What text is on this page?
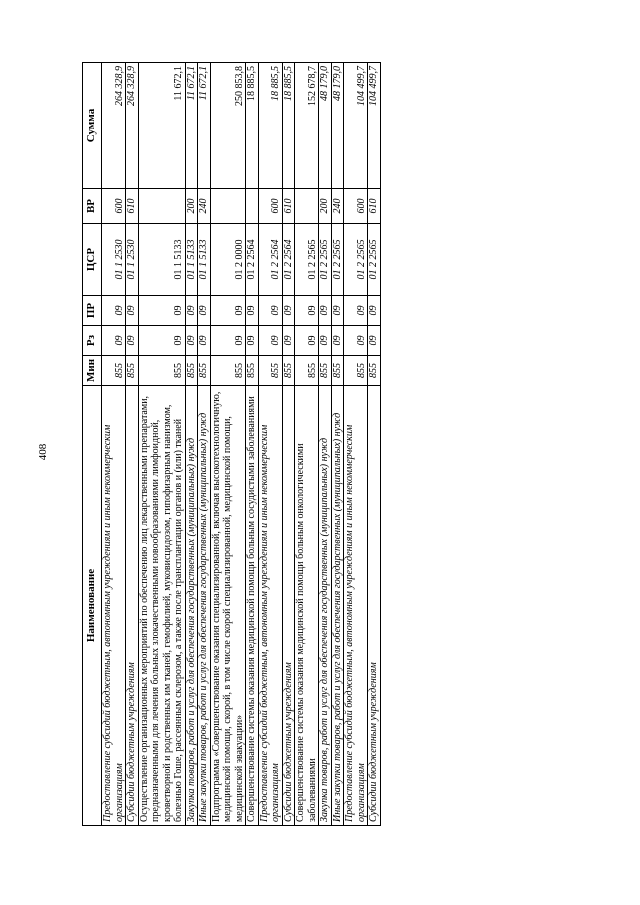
408
Наименование	Мин	Рз	ПР	ЦСР	ВР	Сумма
Предоставление субсидий бюджетным, автономным учреждениям и иным некоммерческим организациям	855	09	09	01 1 2530	600	264 328,9
Субсидии бюджетным учреждениям	855	09	09	01 1 2530	610	264 328,9
Осуществление организационных мероприятий по обеспечению лиц лекарственными препаратами, предназначенными для лечения больных злокачественными новообразованиями лимфоидной, кроветворной и родственных им тканей, гемофилией, муковисцидозом, гипофизарным нанизмом, болезнью Гоше, рассеянным склерозом, а также после трансплантации органов и (или) тканей	855	09	09	01 1 5133		11 672,1
Закупка товаров, работ и услуг для обеспечения государственных (муниципальных) нужд	855	09	09	01 1 5133	200	11 672,1
Иные закупки товаров, работ и услуг для обеспечения государственных (муниципальных) нужд	855	09	09	01 1 5133	240	11 672,1
Подпрограмма «Совершенствование оказания специализированной, включая высокотехнологичную, медицинской помощи, скорой, в том числе скорой специализированной, медицинской помощи, медицинской эвакуации»	855	09	09	01 2 0000		250 853,8
Совершенствование системы оказания медицинской помощи больным сосудистыми заболеваниями	855	09	09	01 2 2564		18 885,5
Предоставление субсидий бюджетным, автономным учреждениям и иным некоммерческим организациям	855	09	09	01 2 2564	600	18 885,5
Субсидии бюджетным учреждениям	855	09	09	01 2 2564	610	18 885,5
Совершенствование системы оказания медицинской помощи больным онкологическими заболеваниями	855	09	09	01 2 2565		152 678,7
Закупка товаров, работ и услуг для обеспечения государственных (муниципальных) нужд	855	09	09	01 2 2565	200	48 179,0
Иные закупки товаров, работ и услуг для обеспечения государственных (муниципальных) нужд	855	09	09	01 2 2565	240	48 179,0
Предоставление субсидий бюджетным, автономным учреждениям и иным некоммерческим организациям	855	09	09	01 2 2565	600	104 499,7
Субсидии бюджетным учреждениям	855	09	09	01 2 2565	610	104 499,7
